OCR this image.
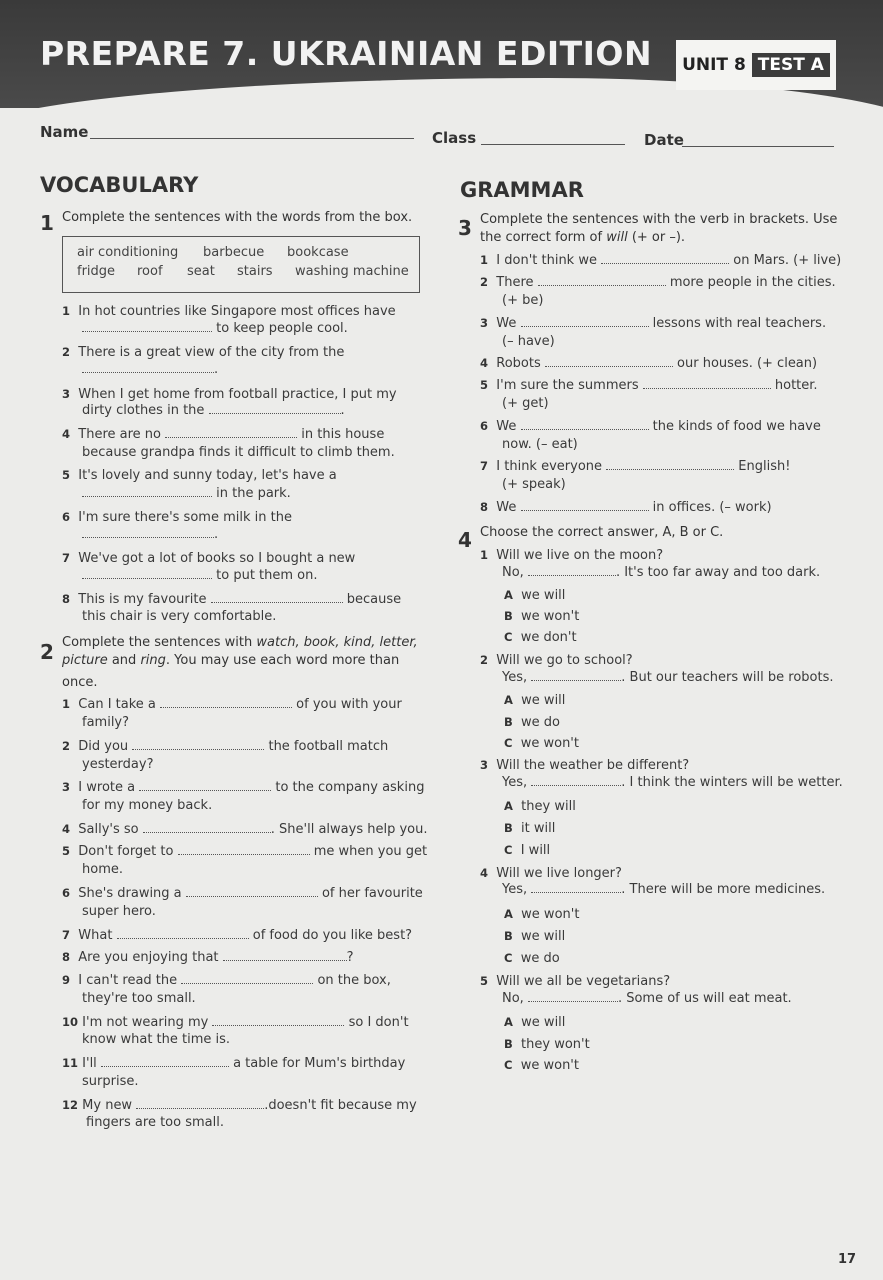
PREPARE 7. UKRAINIAN EDITION UNIT 8 TEST A
Name	Class	Date
VOCABULARY	GRAMMAR
1 Complete the sentences with the words from the box.
air conditioning barbecue bookcase
fridge roof seat stairs washing machine
1 In hot countries like Singapore most offices have
to keep people cool.
2 There is a great view of the city from the
.
3 When I get home from football practice, I put my
dirty clothes in the	.
4 There are no	in this house
because grandpa finds it difficult to climb them.
5 It's lovely and sunny today, let's have a
in the park.
6 I'm sure there's some milk in the
.
7 We've got a lot of books so I bought a new
to put them on.
8 This is my favourite	because
this chair is very comfortable.
2 Complete the sentences with watch, book, kind, letter,
picture and ring. You may use each word more than
once.
1 Can I take a	of you with your
family?
2 Did you	the football match
yesterday?
3 I wrote a	to the company asking
for my money back.
4 Sally's so	. She'll always help you.
5 Don't forget to	me when you get
home.
6 She's drawing a	of her favourite
super hero.
7 What	of food do you like best?
8 Are you enjoying that	?
9 I can't read the	on the box,
they're too small.
10 I'm not wearing my	so I don't
know what the time is.
11 I'll	a table for Mum's birthday
surprise.
12 My new	.doesn't fit because my
fingers are too small.
3 Complete the sentences with the verb in brackets. Use
the correct form of will (+ or –).
1 I don't think we	on Mars. (+ live)
2 There	more people in the cities.
(+ be)
3 We	lessons with real teachers.
(– have)
4 Robots	our houses. (+ clean)
5 I'm sure the summers	hotter.
(+ get)
6 We	the kinds of food we have
now. (– eat)
7 I think everyone	English!
(+ speak)
8 We	in offices. (– work)
4 Choose the correct answer, A, B or C.
1 Will we live on the moon?
No,	. It's too far away and too dark.
A we will
B we won't
C we don't
2 Will we go to school?
Yes,	. But our teachers will be robots.
A we will
B we do
C we won't
3 Will the weather be different?
Yes,	. I think the winters will be wetter.
A they will
B it will
C I will
4 Will we live longer?
Yes,	. There will be more medicines.
A we won't
B we will
C we do
5 Will we all be vegetarians?
No,	. Some of us will eat meat.
A we will
B they won't
C we won't
17
